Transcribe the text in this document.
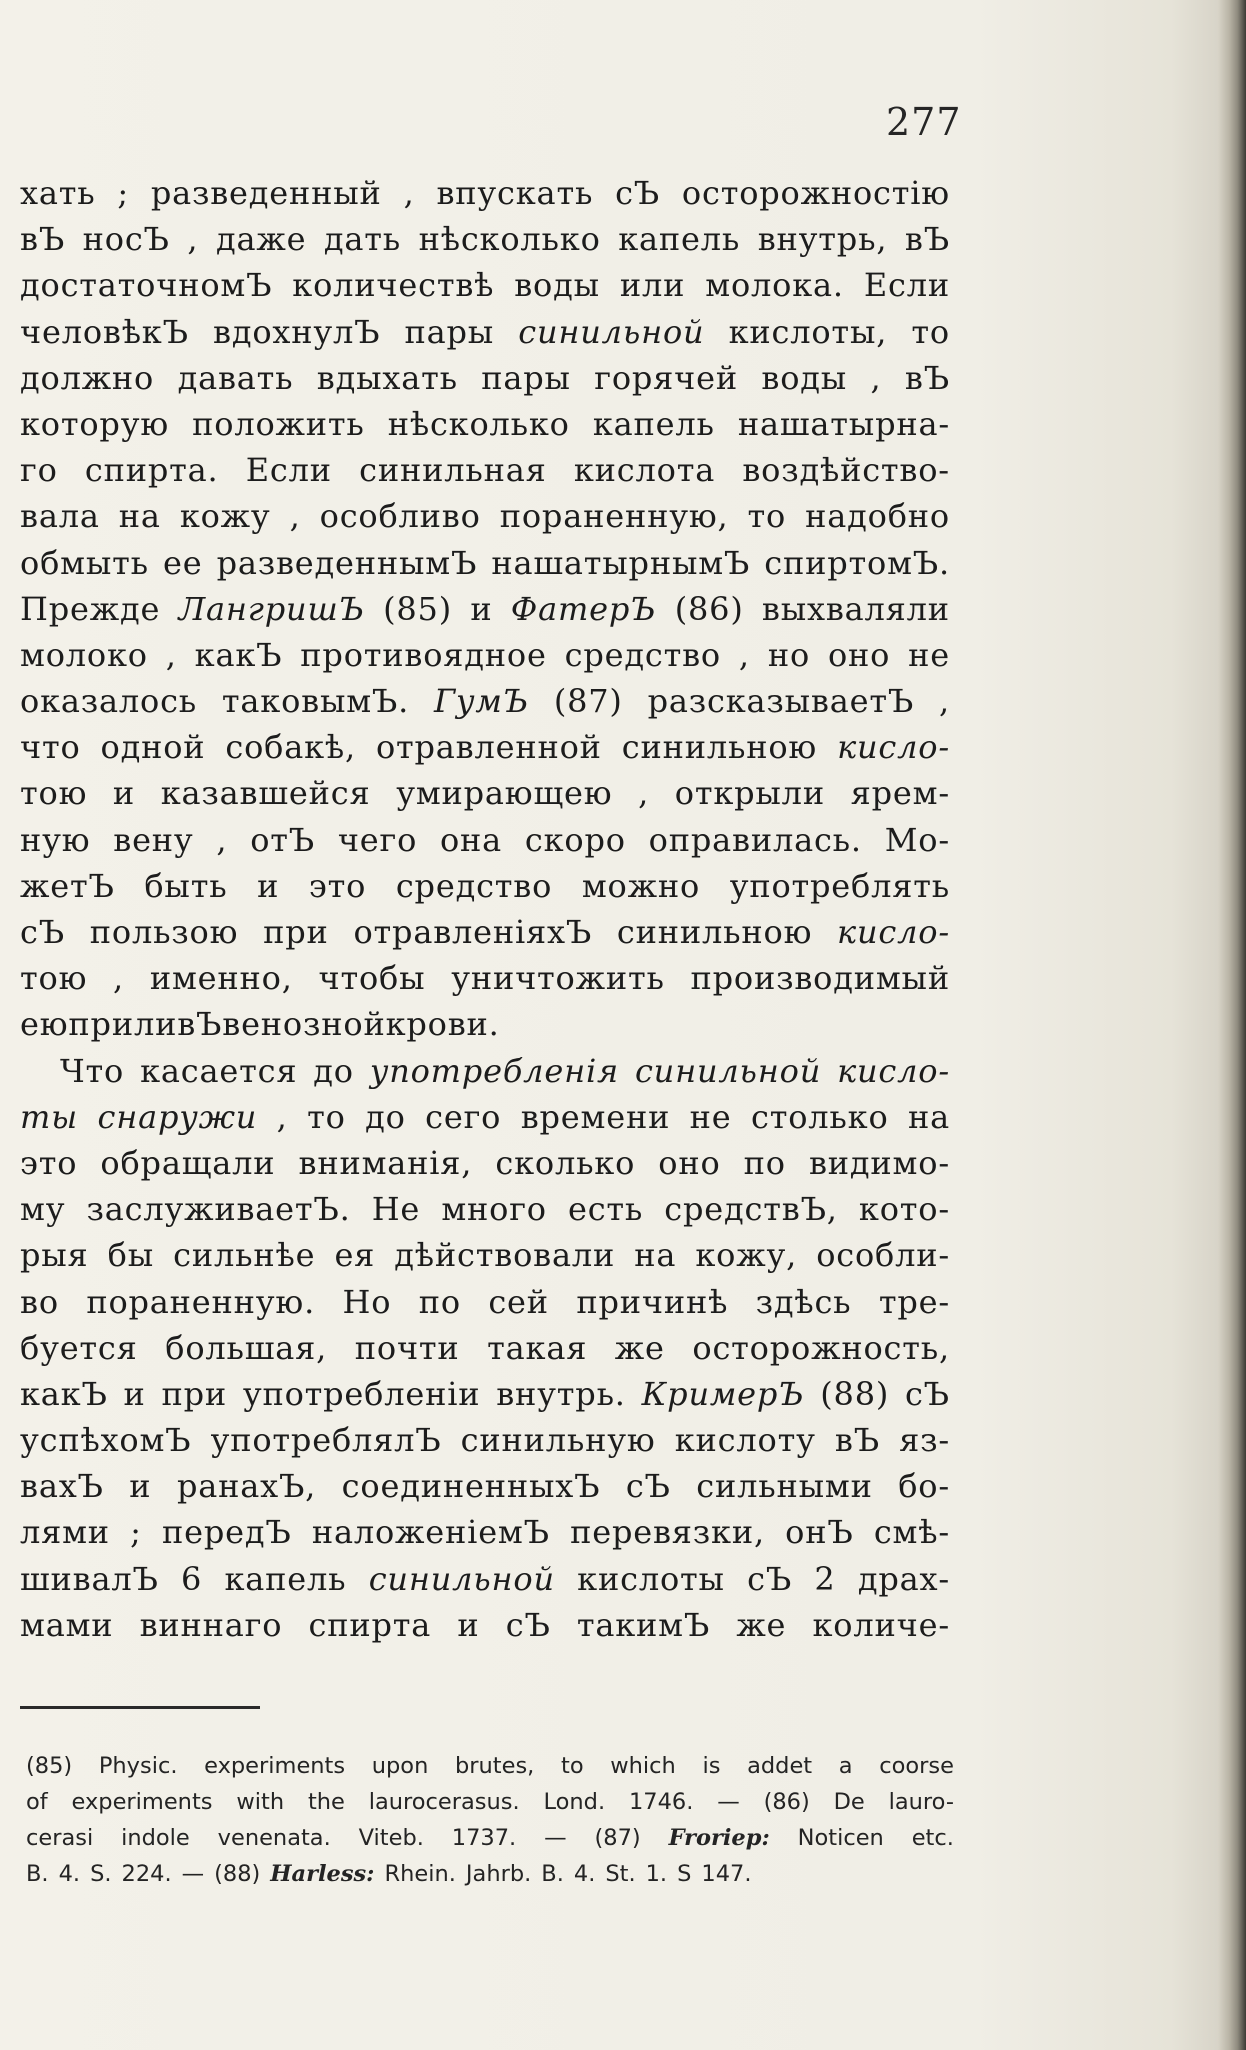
277
хать ; разведенный , впускать сЪ осторожностію
вЪ носЪ , даже дать нѣсколько капель внутрь, вЪ
достаточномЪ количествѣ воды или молока. Если
человѣкЪ вдохнулЪ пары синильной кислоты, то
должно давать вдыхать пары горячей воды , вЪ
которую положить нѣсколько капель нашатырна-
го спирта. Если синильная кислота воздѣйство-
вала на кожу , особливо пораненную, то надобно
обмыть ее разведеннымЪ нашатырнымЪ спиртомЪ.
Прежде ЛангришЪ (85) и ФатерЪ (86) выхваляли
молоко , какЪ противоядное средство , но оно не
оказалось таковымЪ. ГумЪ (87) разсказываетЪ ,
что одной собакѣ, отравленной синильною кисло-
тою и казавшейся умирающею , открыли ярем-
ную вену , отЪ чего она скоро оправилась. Мо-
жетЪ быть и это средство можно употреблять
сЪ пользою при отравленіяхЪ синильною кисло-
тою , именно, чтобы уничтожить производимый
ею приливЪ венозной крови.
Что касается до употребленія синильной кисло-
ты снаружи , то до сего времени не столько на
это обращали вниманія, сколько оно по видимо-
му заслуживаетЪ. Не много есть средствЪ, кото-
рыя бы сильнѣе ея дѣйствовали на кожу, особли-
во пораненную. Но по сей причинѣ здѣсь тре-
буется большая, почти такая же осторожность,
какЪ и при употребленіи внутрь. КримерЪ (88) сЪ
успѣхомЪ употреблялЪ синильную кислоту вЪ яз-
вахЪ и ранахЪ, соединенныхЪ сЪ сильными бо-
лями ; передЪ наложеніемЪ перевязки, онЪ смѣ-
шивалЪ 6 капель синильной кислоты сЪ 2 драх-
мами виннаго спирта и сЪ такимЪ же количе-
(85) Physic. experiments upon brutes, to which is addet a coorse
of experiments with the laurocerasus. Lond. 1746. — (86) De lauro-
cerasi indole venenata. Viteb. 1737. — (87) Froriep: Noticen etc.
B. 4. S. 224. — (88) Harless: Rhein. Jahrb. B. 4. St. 1. S 147.
